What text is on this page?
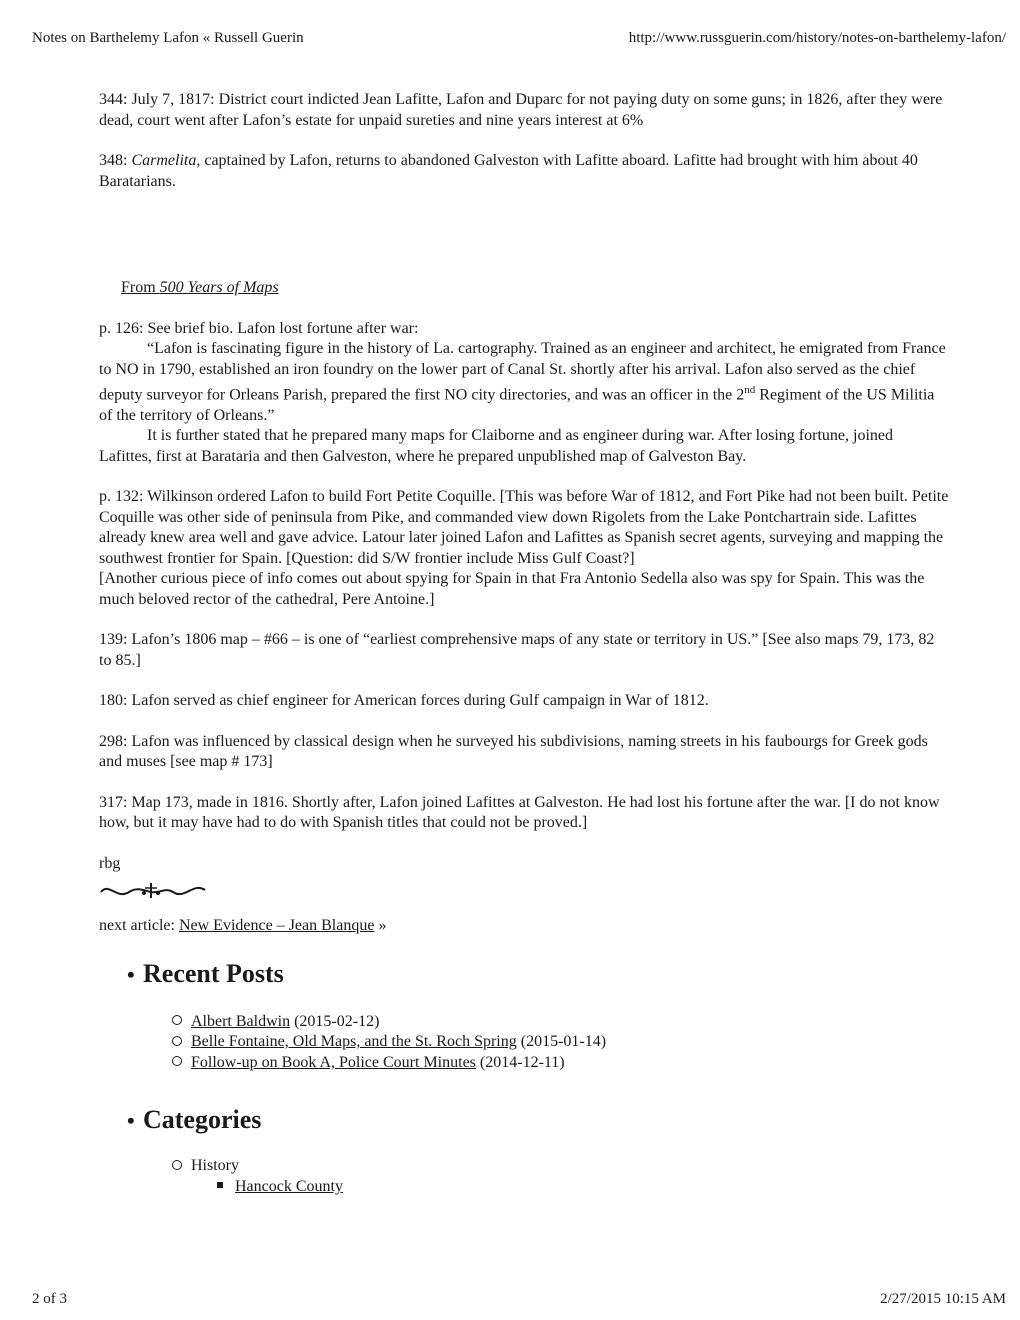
Notes on Barthelemy Lafon « Russell Guerin	http://www.russguerin.com/history/notes-on-barthelemy-lafon/

344: July 7, 1817: District court indicted Jean Lafitte, Lafon and Duparc for not paying duty on some guns; in 1826, after they were dead, court went after Lafon’s estate for unpaid sureties and nine years interest at 6%

348: Carmelita, captained by Lafon, returns to abandoned Galveston with Lafitte aboard. Lafitte had brought with him about 40 Baratarians.

From 500 Years of Maps

p. 126: See brief bio. Lafon lost fortune after war:

“Lafon is fascinating figure in the history of La. cartography. Trained as an engineer and architect, he emigrated from France to NO in 1790, established an iron foundry on the lower part of Canal St. shortly after his arrival. Lafon also served as the chief deputy surveyor for Orleans Parish, prepared the first NO city directories, and was an officer in the 2nd Regiment of the US Militia of the territory of Orleans.”

It is further stated that he prepared many maps for Claiborne and as engineer during war. After losing fortune, joined Lafittes, first at Barataria and then Galveston, where he prepared unpublished map of Galveston Bay.

p. 132: Wilkinson ordered Lafon to build Fort Petite Coquille. [This was before War of 1812, and Fort Pike had not been built. Petite Coquille was other side of peninsula from Pike, and commanded view down Rigolets from the Lake Pontchartrain side. Lafittes already knew area well and gave advice. Latour later joined Lafon and Lafittes as Spanish secret agents, surveying and mapping the southwest frontier for Spain. [Question: did S/W frontier include Miss Gulf Coast?]

[Another curious piece of info comes out about spying for Spain in that Fra Antonio Sedella also was spy for Spain. This was the much beloved rector of the cathedral, Pere Antoine.]

139: Lafon’s 1806 map – #66 – is one of “earliest comprehensive maps of any state or territory in US.” [See also maps 79, 173, 82 to 85.]

180: Lafon served as chief engineer for American forces during Gulf campaign in War of 1812.

298: Lafon was influenced by classical design when he surveyed his subdivisions, naming streets in his faubourgs for Greek gods and muses [see map # 173]

317: Map 173, made in 1816. Shortly after, Lafon joined Lafittes at Galveston. He had lost his fortune after the war. [I do not know how, but it may have had to do with Spanish titles that could not be proved.]

rbg

next article: New Evidence – Jean Blanque »

• Recent Posts
Albert Baldwin (2015-02-12)
Belle Fontaine, Old Maps, and the St. Roch Spring (2015-01-14)
Follow-up on Book A, Police Court Minutes (2014-12-11)
• Categories
History
Hancock County
2 of 3	2/27/2015 10:15 AM
